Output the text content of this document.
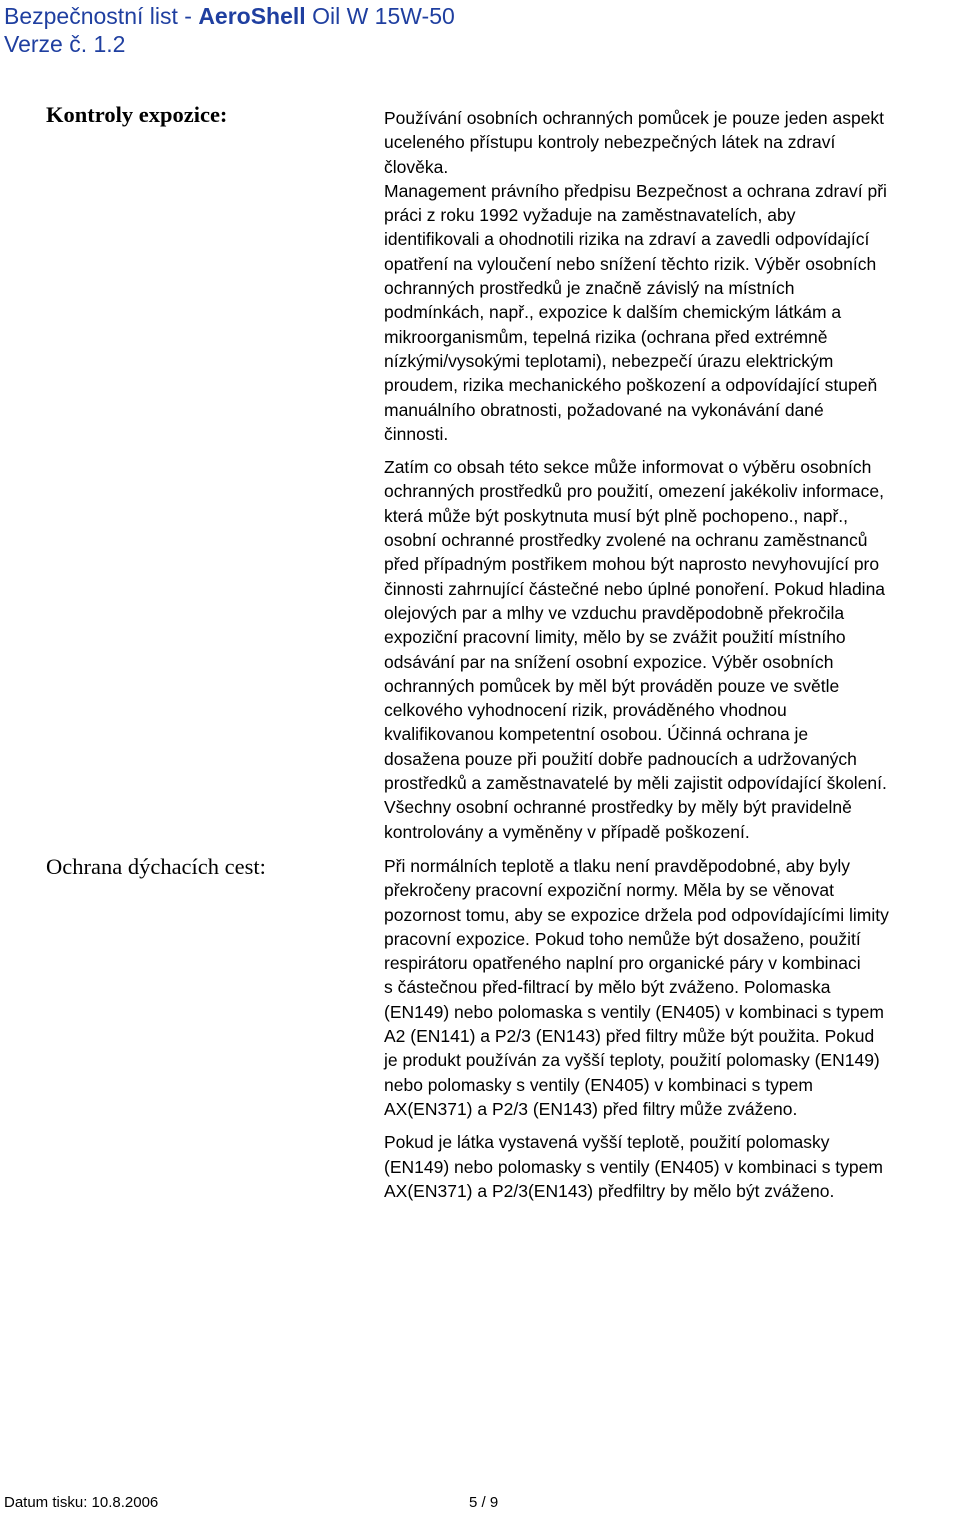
Bezpečnostní list - AeroShell Oil W 15W-50
Verze č. 1.2
Kontroly expozice:	Používání osobních ochranných pomůcek je pouze jeden aspekt
uceleného přístupu kontroly nebezpečných látek na zdraví
člověka.
Management právního předpisu Bezpečnost a ochrana zdraví při
práci z roku 1992 vyžaduje na zaměstnavatelích, aby
identifikovali a ohodnotili rizika na zdraví a zavedli odpovídající
opatření na vyloučení nebo snížení těchto rizik. Výběr osobních
ochranných prostředků je značně závislý na místních
podmínkách, např., expozice k dalším chemickým látkám a
mikroorganismům, tepelná rizika (ochrana před extrémně
nízkými/vysokými teplotami), nebezpečí úrazu elektrickým
proudem, rizika mechanického poškození a odpovídající stupeň
manuálního obratnosti, požadované na vykonávání dané
činnosti.

Zatím co obsah této sekce může informovat o výběru osobních
ochranných prostředků pro použití, omezení jakékoliv informace,
která může být poskytnuta musí být plně pochopeno., např.,
osobní ochranné prostředky zvolené na ochranu zaměstnanců
před případným postřikem mohou být naprosto nevyhovující pro
činnosti zahrnující částečné nebo úplné ponoření. Pokud hladina
olejových par a mlhy ve vzduchu pravděpodobně překročila
expoziční pracovní limity, mělo by se zvážit použití místního
odsávání par na snížení osobní expozice. Výběr osobních
ochranných pomůcek by měl být prováděn pouze ve světle
celkového vyhodnocení rizik, prováděného vhodnou
kvalifikovanou kompetentní osobou. Účinná ochrana je
dosažena pouze při použití dobře padnoucích a udržovaných
prostředků a zaměstnavatelé by měli zajistit odpovídající školení.
Všechny osobní ochranné prostředky by měly být pravidelně
kontrolovány a vyměněny v případě poškození.

Ochrana dýchacích cest:	Při normálních teplotě a tlaku není pravděpodobné, aby byly
překročeny pracovní expoziční normy. Měla by se věnovat
pozornost tomu, aby se expozice držela pod odpovídajícími limity
pracovní expozice. Pokud toho nemůže být dosaženo, použití
respirátoru opatřeného naplní pro organické páry v kombinaci
s částečnou před-filtrací by mělo být zváženo. Polomaska
(EN149) nebo polomaska s ventily (EN405) v kombinaci s typem
A2 (EN141) a P2/3 (EN143) před filtry může být použita. Pokud
je produkt používán za vyšší teploty, použití polomasky (EN149)
nebo polomasky s ventily (EN405) v kombinaci s typem
AX(EN371) a P2/3 (EN143) před filtry může zváženo.

Pokud je látka vystavená vyšší teplotě, použití polomasky
(EN149) nebo polomasky s ventily (EN405) v kombinaci s typem
AX(EN371) a P2/3(EN143) předfiltry by mělo být zváženo.

Datum tisku: 10.8.2006	5 / 9
